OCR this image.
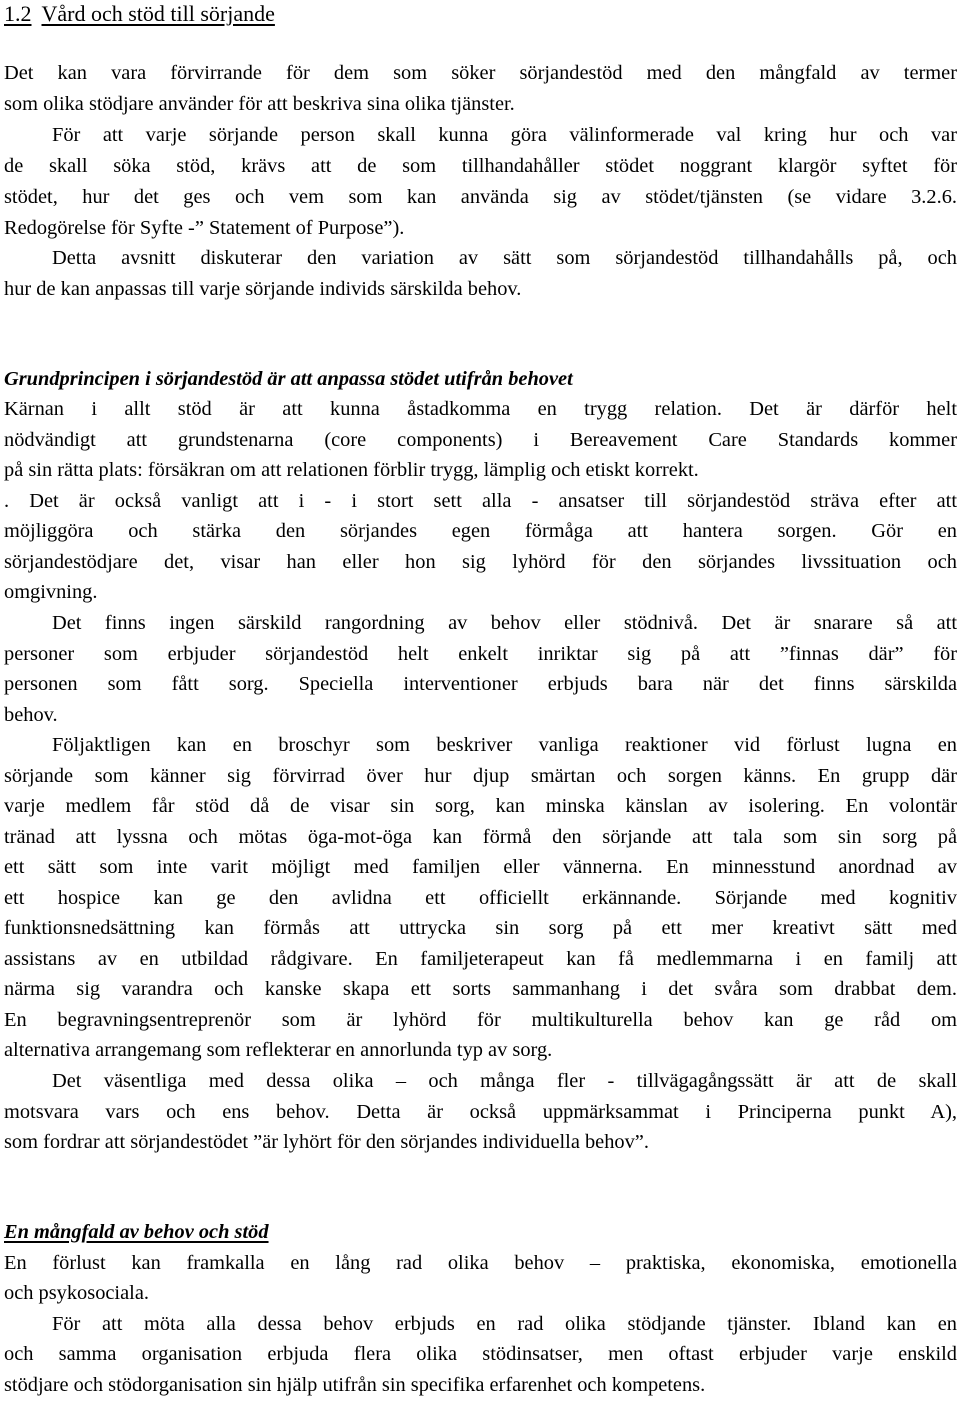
1.2 Vård och stöd till sörjande
Det kan vara förvirrande för dem som söker sörjandestöd med den mångfald av termer
som olika stödjare använder för att beskriva sina olika tjänster.
För att varje sörjande person skall kunna göra välinformerade val kring hur och var
de skall söka stöd, krävs att de som tillhandahåller stödet noggrant klargör syftet för
stödet, hur det ges och vem som kan använda sig av stödet/tjänsten (se vidare 3.2.6.
Redogörelse för Syfte -” Statement of Purpose”).
Detta avsnitt diskuterar den variation av sätt som sörjandestöd tillhandahålls på, och
hur de kan anpassas till varje sörjande individs särskilda behov.
Grundprincipen i sörjandestöd är att anpassa stödet utifrån behovet
Kärnan i allt stöd är att kunna åstadkomma en trygg relation. Det är därför helt
nödvändigt att grundstenarna (core components) i Bereavement Care Standards kommer
på sin rätta plats: försäkran om att relationen förblir trygg, lämplig och etiskt korrekt.
. Det är också vanligt att i - i stort sett alla - ansatser till sörjandestöd sträva efter att
möjliggöra och stärka den sörjandes egen förmåga att hantera sorgen. Gör en
sörjandestödjare det, visar han eller hon sig lyhörd för den sörjandes livssituation och
omgivning.
Det finns ingen särskild rangordning av behov eller stödnivå. Det är snarare så att
personer som erbjuder sörjandestöd helt enkelt inriktar sig på att ”finnas där” för
personen som fått sorg. Speciella interventioner erbjuds bara när det finns särskilda
behov.
Följaktligen kan en broschyr som beskriver vanliga reaktioner vid förlust lugna en
sörjande som känner sig förvirrad över hur djup smärtan och sorgen känns. En grupp där
varje medlem får stöd då de visar sin sorg, kan minska känslan av isolering. En volontär
tränad att lyssna och mötas öga-mot-öga kan förmå den sörjande att tala som sin sorg på
ett sätt som inte varit möjligt med familjen eller vännerna. En minnesstund anordnad av
ett hospice kan ge den avlidna ett officiellt erkännande. Sörjande med kognitiv
funktionsnedsättning kan förmås att uttrycka sin sorg på ett mer kreativt sätt med
assistans av en utbildad rådgivare. En familjeterapeut kan få medlemmarna i en familj att
närma sig varandra och kanske skapa ett sorts sammanhang i det svåra som drabbat dem.
En begravningsentreprenör som är lyhörd för multikulturella behov kan ge råd om
alternativa arrangemang som reflekterar en annorlunda typ av sorg.
Det väsentliga med dessa olika – och många fler - tillvägagångssätt är att de skall
motsvara vars och ens behov. Detta är också uppmärksammat i Principerna punkt A),
som fordrar att sörjandestödet ”är lyhört för den sörjandes individuella behov”.
En mångfald av behov och stöd
En förlust kan framkalla en lång rad olika behov – praktiska, ekonomiska, emotionella
och psykosociala.
För att möta alla dessa behov erbjuds en rad olika stödjande tjänster. Ibland kan en
och samma organisation erbjuda flera olika stödinsatser, men oftast erbjuder varje enskild
stödjare och stödorganisation sin hjälp utifrån sin specifika erfarenhet och kompetens.
